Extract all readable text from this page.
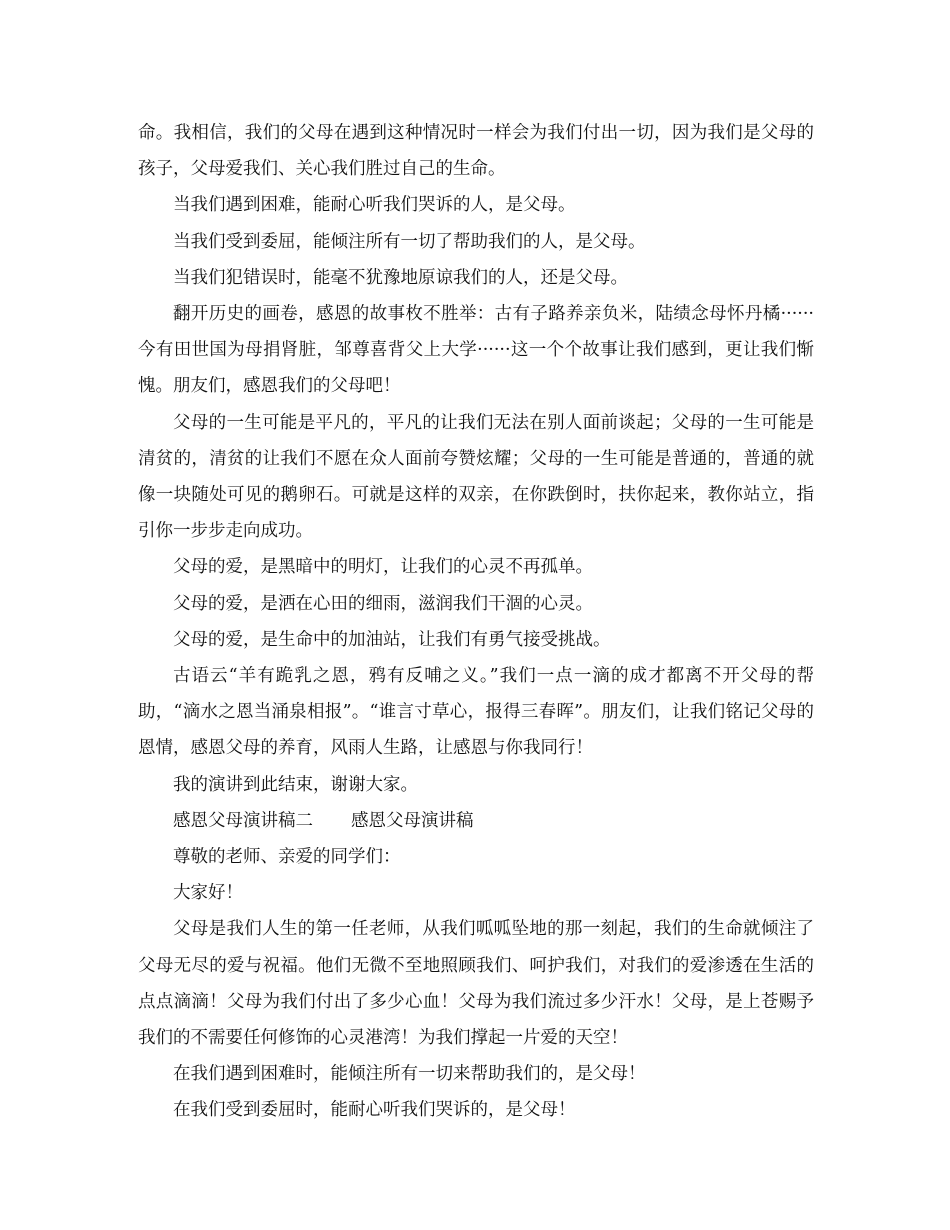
命。我相信，我们的父母在遇到这种情况时一样会为我们付出一切，因为我们是父母的孩子，父母爱我们、关心我们胜过自己的生命。

当我们遇到困难，能耐心听我们哭诉的人，是父母。

当我们受到委屈，能倾注所有一切了帮助我们的人，是父母。

当我们犯错误时，能毫不犹豫地原谅我们的人，还是父母。

翻开历史的画卷，感恩的故事枚不胜举：古有子路养亲负米，陆绩念母怀丹橘······今有田世国为母捐肾脏，邹尊喜背父上大学······这一个个故事让我们感到，更让我们惭愧。朋友们，感恩我们的父母吧！

父母的一生可能是平凡的，平凡的让我们无法在别人面前谈起；父母的一生可能是清贫的，清贫的让我们不愿在众人面前夸赞炫耀；父母的一生可能是普通的，普通的就像一块随处可见的鹅卵石。可就是这样的双亲，在你跌倒时，扶你起来，教你站立，指引你一步步走向成功。

父母的爱，是黑暗中的明灯，让我们的心灵不再孤单。

父母的爱，是洒在心田的细雨，滋润我们干涸的心灵。

父母的爱，是生命中的加油站，让我们有勇气接受挑战。

古语云“羊有跪乳之恩，鸦有反哺之义。”我们一点一滴的成才都离不开父母的帮助，“滴水之恩当涌泉相报”。“谁言寸草心，报得三春晖”。朋友们，让我们铭记父母的恩情，感恩父母的养育，风雨人生路，让感恩与你我同行！

我的演讲到此结束，谢谢大家。

感恩父母演讲稿二 感恩父母演讲稿

尊敬的老师、亲爱的同学们：

大家好！

父母是我们人生的第一任老师，从我们呱呱坠地的那一刻起，我们的生命就倾注了父母无尽的爱与祝福。他们无微不至地照顾我们、呵护我们，对我们的爱渗透在生活的点点滴滴！父母为我们付出了多少心血！父母为我们流过多少汗水！父母，是上苍赐予我们的不需要任何修饰的心灵港湾！为我们撑起一片爱的天空！

在我们遇到困难时，能倾注所有一切来帮助我们的，是父母！

在我们受到委屈时，能耐心听我们哭诉的，是父母！
